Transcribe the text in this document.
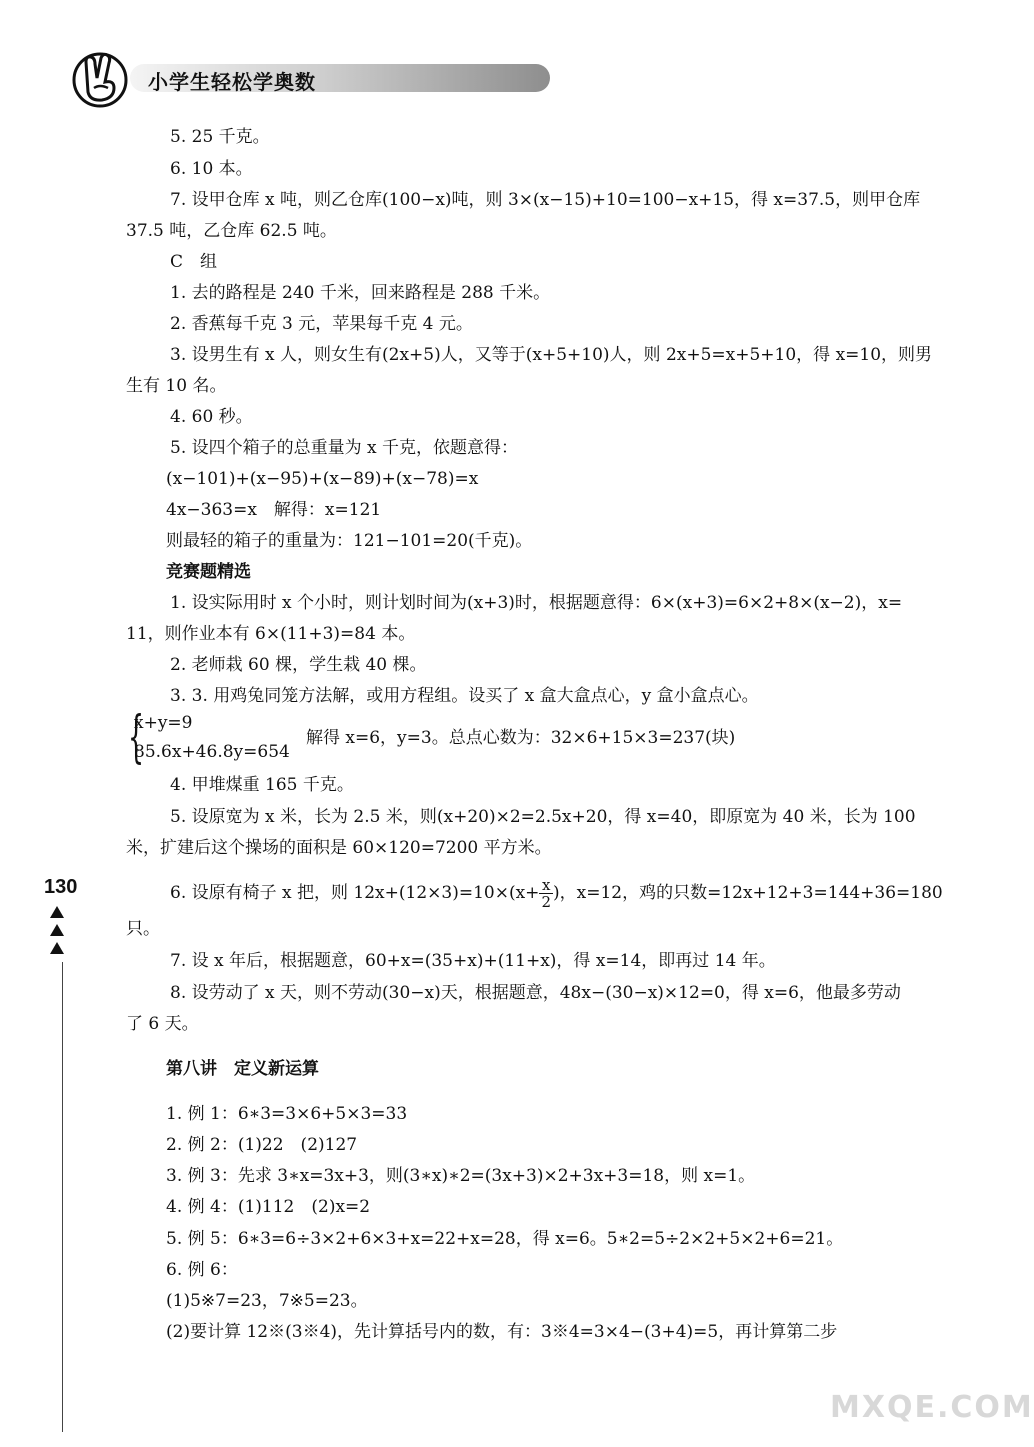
小学生轻松学奥数
5. 25 千克。
6. 10 本。
7. 设甲仓库 x 吨，则乙仓库(100−x)吨，则 3×(x−15)+10=100−x+15，得 x=37.5，则甲仓库
37.5 吨，乙仓库 62.5 吨。
C　组
1. 去的路程是 240 千米，回来路程是 288 千米。
2. 香蕉每千克 3 元，苹果每千克 4 元。
3. 设男生有 x 人，则女生有(2x+5)人，又等于(x+5+10)人，则 2x+5=x+5+10，得 x=10，则男
生有 10 名。
4. 60 秒。
5. 设四个箱子的总重量为 x 千克，依题意得：
(x−101)+(x−95)+(x−89)+(x−78)=x
4x−363=x　解得：x=121
则最轻的箱子的重量为：121−101=20(千克)。
竞赛题精选
1. 设实际用时 x 个小时，则计划时间为(x+3)时，根据题意得：6×(x+3)=6×2+8×(x−2)，x=
11，则作业本有 6×(11+3)=84 本。
2. 老师栽 60 棵，学生栽 40 棵。
3. 3. 用鸡兔同笼方法解，或用方程组。设买了 x 盒大盒点心，y 盒小盒点心。
{
x+y=9
85.6x+46.8y=654
解得 x=6，y=3。总点心数为：32×6+15×3=237(块)
4. 甲堆煤重 165 千克。
5. 设原宽为 x 米，长为 2.5 米，则(x+20)×2=2.5x+20，得 x=40，即原宽为 40 米，长为 100
米，扩建后这个操场的面积是 60×120=7200 平方米。
130	6. 设原有椅子 x 把，则 $12x+(12\times 3)=10\times(x+ \frac{x}{2}$ )，x=12，鸡的只数=12x+12+3=144+36=180
只。
7. 设 x 年后，根据题意，60+x=(35+x)+(11+x)，得 x=14，即再过 14 年。
8. 设劳动了 x 天，则不劳动(30−x)天，根据题意，48x−(30−x)×12=0，得 x=6，他最多劳动
了 6 天。
第八讲　定义新运算
1. 例 1：6∗3=3×6+5×3=33
2. 例 2：(1)22　(2)127
3. 例 3：先求 3∗x=3x+3，则(3∗x)∗2=(3x+3)×2+3x+3=18，则 x=1。
4. 例 4：(1)112　(2)x=2
5. 例 5：6∗3=6÷3×2+6×3+x=22+x=28，得 x=6。5∗2=5÷2×2+5×2+6=21。
6. 例 6：
(1)5※7=23，7※5=23。
(2)要计算 12※(3※4)，先计算括号内的数，有：3※4=3×4−(3+4)=5，再计算第二步
MXQE.COM
